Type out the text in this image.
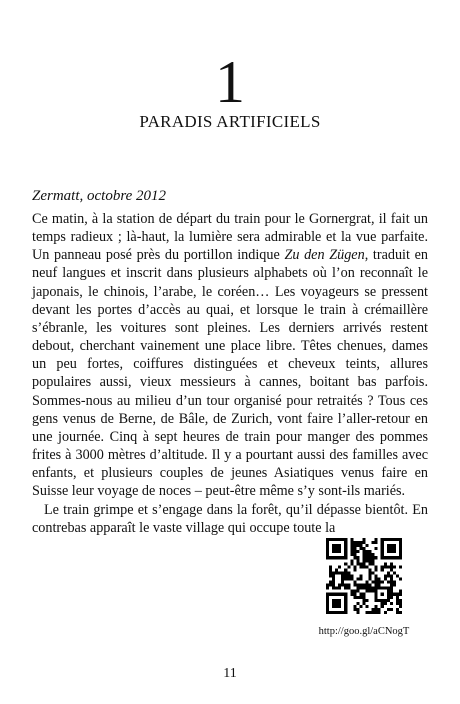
1
PARADIS ARTIFICIELS
Zermatt, octobre 2012

Ce matin, à la station de départ du train pour le Gornergrat, il fait un temps radieux ; là-haut, la lumière sera admirable et la vue parfaite. Un panneau posé près du portillon indique Zu den Zügen, traduit en neuf langues et inscrit dans plusieurs alphabets où l’on reconnaît le japonais, le chinois, l’arabe, le coréen… Les voyageurs se pressent devant les portes d’accès au quai, et lorsque le train à crémaillère s’ébranle, les voitures sont pleines. Les derniers arrivés restent debout, cherchant vainement une place libre. Têtes chenues, dames un peu fortes, coiffures distinguées et cheveux teints, allures populaires aussi, vieux messieurs à cannes, boitant bas parfois. Sommes-nous au milieu d’un tour organisé pour retraités ? Tous ces gens venus de Berne, de Bâle, de Zurich, vont faire l’aller-retour en une journée. Cinq à sept heures de train pour manger des pommes frites à 3000 mètres d’altitude. Il y a pourtant aussi des familles avec enfants, et plusieurs couples de jeunes Asiatiques venus faire en Suisse leur voyage de noces – peut-être même s’y sont-ils mariés.

Le train grimpe et s’engage dans la forêt, qu’il dépasse bientôt. En contrebas apparaît le vaste village qui occupe toute la

http://goo.gl/aCNogT
11
